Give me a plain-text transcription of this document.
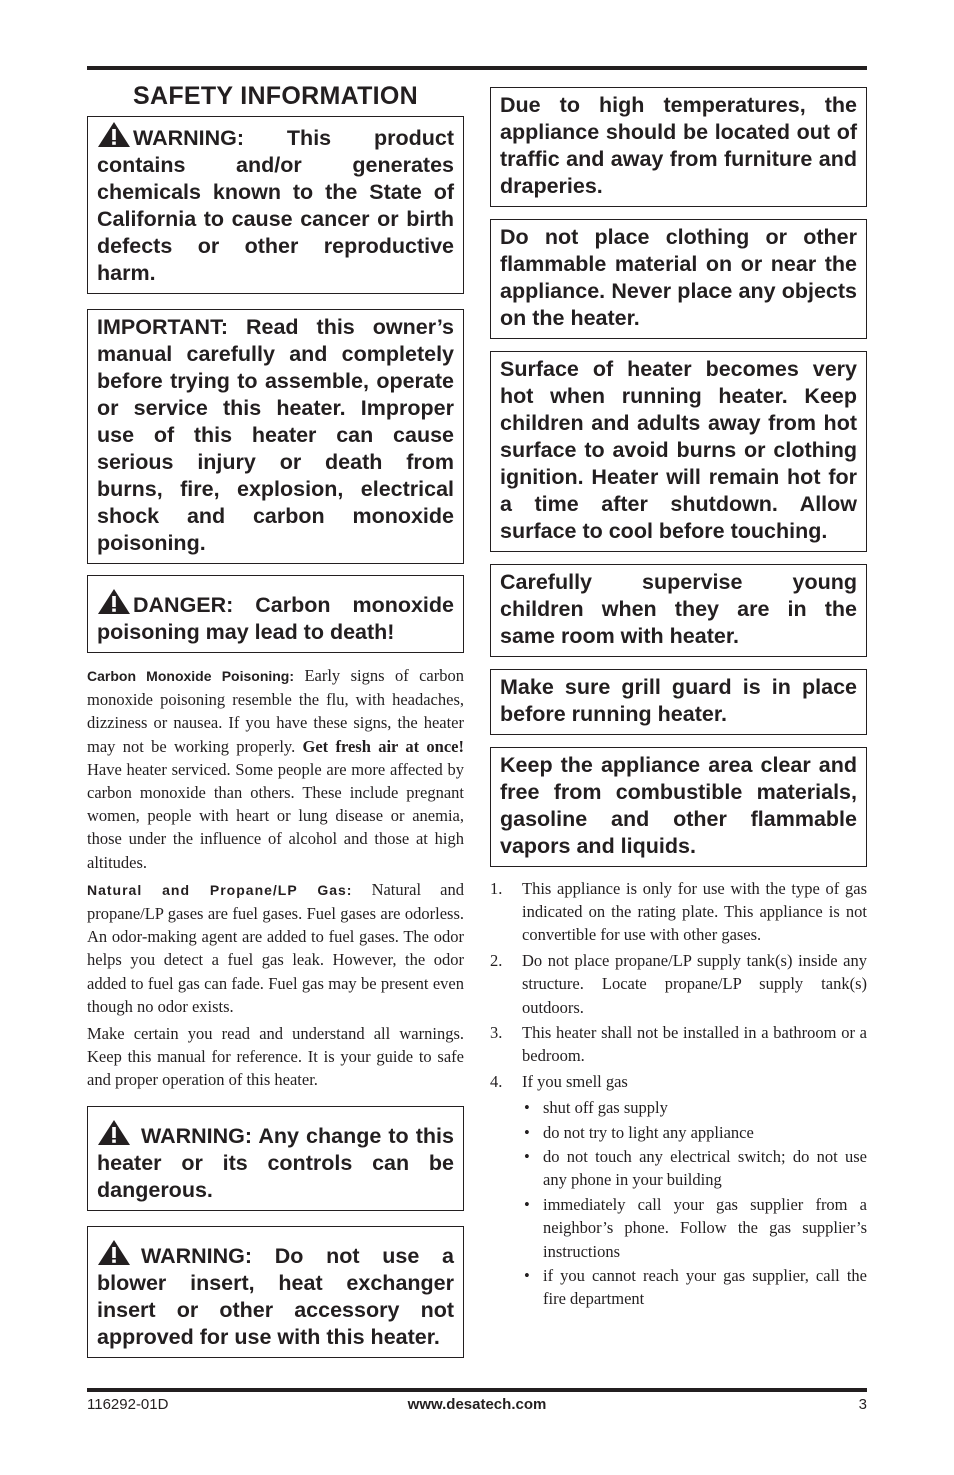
SAFETY INFORMATION
WARNING: This product contains and/or generates chemicals known to the State of California to cause cancer or birth defects or other reproductive harm.
IMPORTANT: Read this owner’s manual carefully and completely before trying to assemble, operate or service this heater. Improper use of this heater can cause serious injury or death from burns, fire, explosion, electrical shock and carbon monoxide poisoning.
DANGER: Carbon monoxide poisoning may lead to death!

Carbon Monoxide Poisoning: Early signs of carbon monoxide poisoning resemble the flu, with headaches, dizziness or nausea. If you have these signs, the heater may not be working properly. Get fresh air at once! Have heater serviced. Some people are more affected by carbon monoxide than others. These include pregnant women, people with heart or lung disease or anemia, those under the influence of alcohol and those at high altitudes.

Natural and Propane/LP Gas: Natural and propane/LP gases are fuel gases. Fuel gases are odorless. An odor-making agent are added to fuel gases. The odor helps you detect a fuel gas leak. However, the odor added to fuel gas can fade. Fuel gas may be present even though no odor exists.

Make certain you read and understand all warnings. Keep this manual for reference. It is your guide to safe and proper operation of this heater.

WARNING: Any change to this heater or its controls can be dangerous.
WARNING: Do not use a blower insert, heat exchanger insert or other accessory not approved for use with this heater.
Due to high temperatures, the appliance should be located out of traffic and away from furniture and draperies.
Do not place clothing or other flammable material on or near the appliance. Never place any objects on the heater.
Surface of heater becomes very hot when running heater. Keep children and adults away from hot surface to avoid burns or clothing ignition. Heater will remain hot for a time after shutdown. Allow surface to cool before touching.
Carefully supervise young children when they are in the same room with heater.
Make sure grill guard is in place before running heater.
Keep the appliance area clear and free from combustible materials, gasoline and other flammable vapors and liquids.
1.	This appliance is only for use with the type of gas indicated on the rating plate. This appliance is not convertible for use with other gases.
2.	Do not place propane/LP supply tank(s) inside any structure. Locate propane/LP supply tank(s) outdoors.
3.	This heater shall not be installed in a bathroom or a bedroom.
4.	If you smell gas
• shut off gas supply
• do not try to light any appliance
• do not touch any electrical switch; do not use any phone in your building
• immediately call your gas supplier from a neighbor’s phone. Follow the gas supplier’s instructions
• if you cannot reach your gas supplier, call the fire department
116292-01D	www.desatech.com	3
